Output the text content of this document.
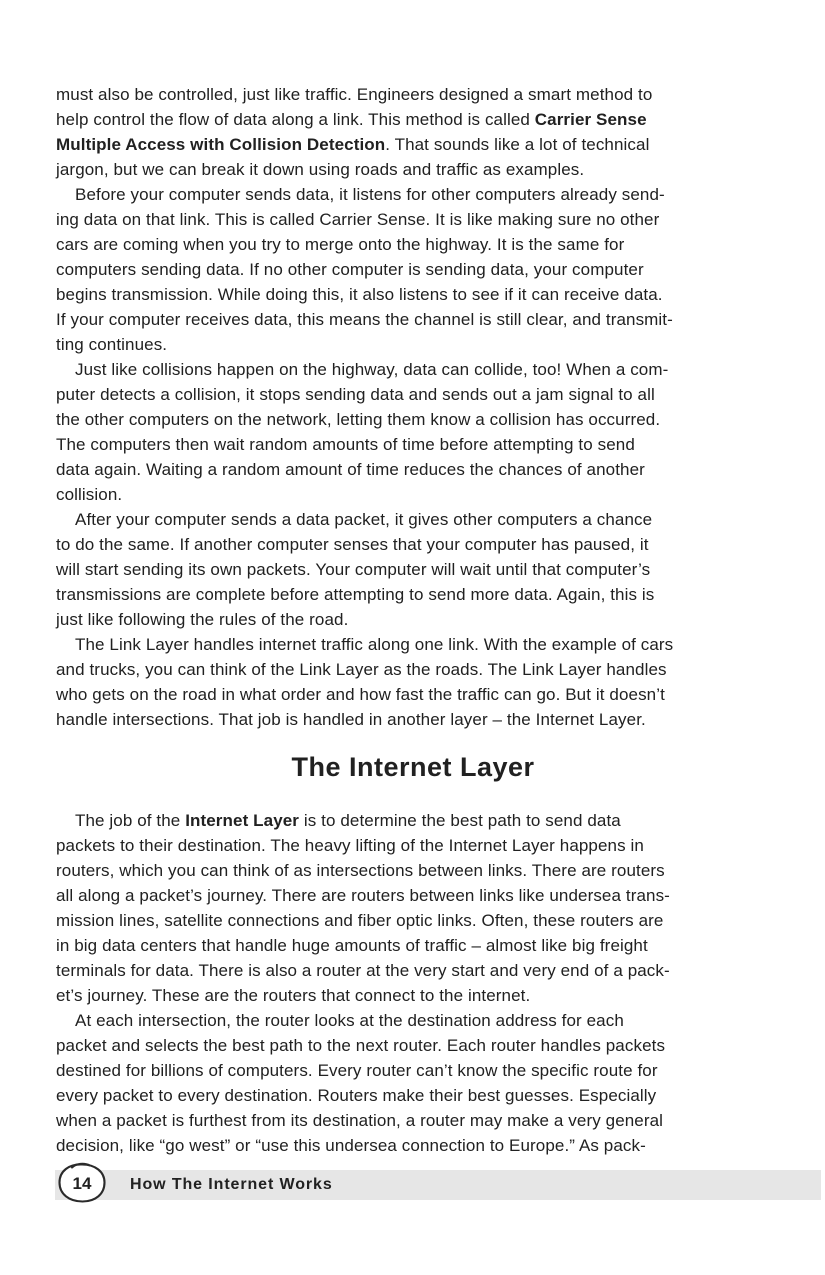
must also be controlled, just like traffic. Engineers designed a smart method to
help control the flow of data along a link. This method is called Carrier Sense
Multiple Access with Collision Detection. That sounds like a lot of technical
jargon, but we can break it down using roads and traffic as examples.
Before your computer sends data, it listens for other computers already send-
ing data on that link. This is called Carrier Sense. It is like making sure no other
cars are coming when you try to merge onto the highway. It is the same for
computers sending data. If no other computer is sending data, your computer
begins transmission. While doing this, it also listens to see if it can receive data.
If your computer receives data, this means the channel is still clear, and transmit-
ting continues.
Just like collisions happen on the highway, data can collide, too! When a com-
puter detects a collision, it stops sending data and sends out a jam signal to all
the other computers on the network, letting them know a collision has occurred.
The computers then wait random amounts of time before attempting to send
data again. Waiting a random amount of time reduces the chances of another
collision.
After your computer sends a data packet, it gives other computers a chance
to do the same. If another computer senses that your computer has paused, it
will start sending its own packets. Your computer will wait until that computer’s
transmissions are complete before attempting to send more data. Again, this is
just like following the rules of the road.
The Link Layer handles internet traffic along one link. With the example of cars
and trucks, you can think of the Link Layer as the roads. The Link Layer handles
who gets on the road in what order and how fast the traffic can go. But it doesn’t
handle intersections. That job is handled in another layer – the Internet Layer.
The Internet Layer
The job of the Internet Layer is to determine the best path to send data
packets to their destination. The heavy lifting of the Internet Layer happens in
routers, which you can think of as intersections between links. There are routers
all along a packet’s journey. There are routers between links like undersea trans-
mission lines, satellite connections and fiber optic links. Often, these routers are
in big data centers that handle huge amounts of traffic – almost like big freight
terminals for data. There is also a router at the very start and very end of a pack-
et’s journey. These are the routers that connect to the internet.
At each intersection, the router looks at the destination address for each
packet and selects the best path to the next router. Each router handles packets
destined for billions of computers. Every router can’t know the specific route for
every packet to every destination. Routers make their best guesses. Especially
when a packet is furthest from its destination, a router may make a very general
decision, like “go west” or “use this undersea connection to Europe.” As pack-
14	How The Internet Works
